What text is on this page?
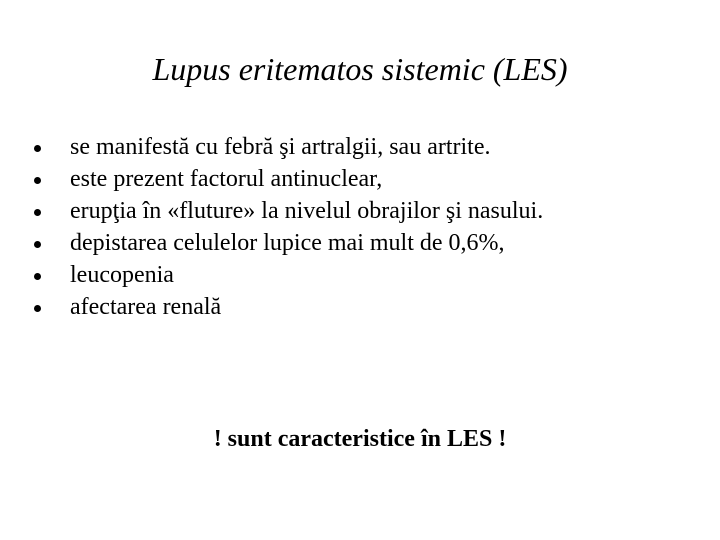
Lupus eritematos sistemic (LES)
se manifestă cu febră şi artralgii, sau artrite.
este prezent factorul antinuclear,
erupţia în «fluture» la nivelul obrajilor şi nasului.
depistarea celulelor lupice mai mult de 0,6%,
leucopenia
afectarea renală
! sunt caracteristice în LES !
